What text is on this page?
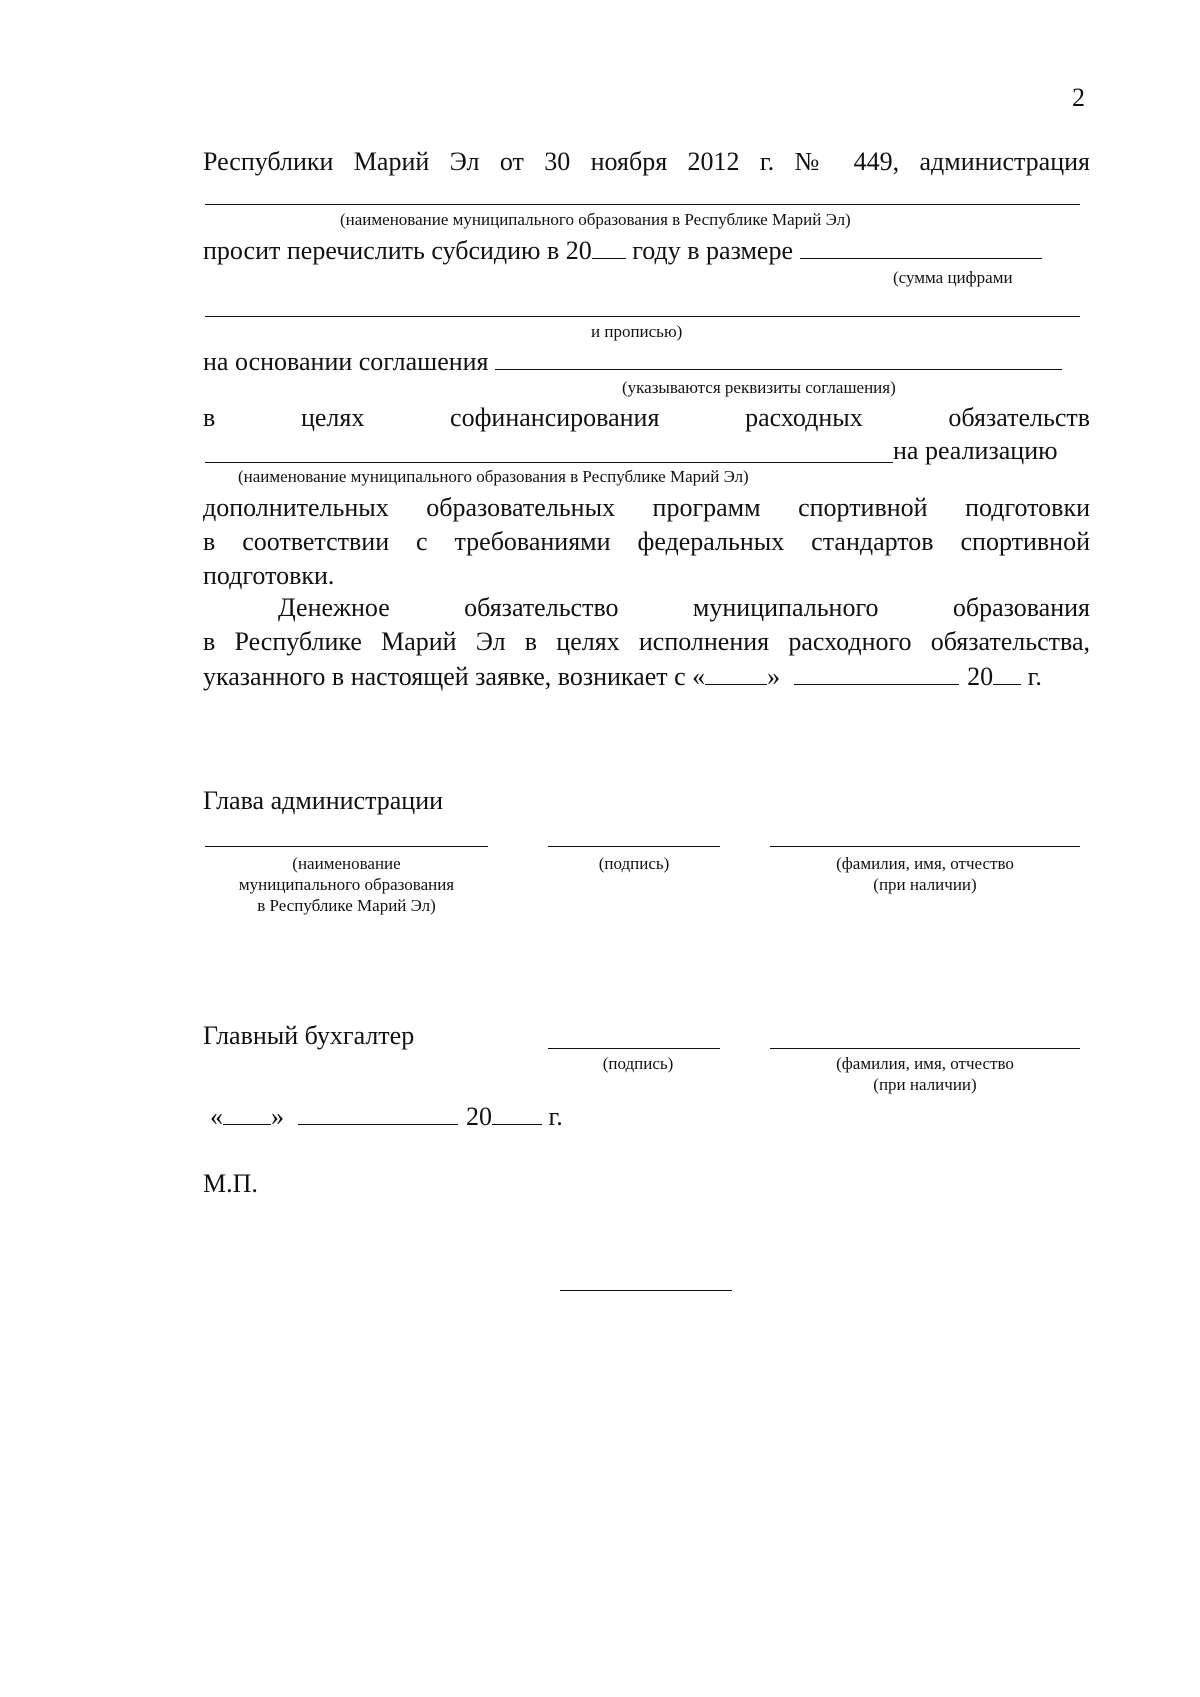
2
Республики Марий Эл от 30 ноября 2012 г. № 449, администрация
(наименование муниципального образования в Республике Марий Эл)
просит перечислить субсидию в 20 году в размере
(сумма цифрами
и прописью)
на основании соглашения
(указываются реквизиты соглашения)
в целях софинансирования расходных обязательств
на реализацию
(наименование муниципального образования в Республике Марий Эл)
дополнительных образовательных программ спортивной подготовки
в соответствии с требованиями федеральных стандартов спортивной
подготовки.
Денежное обязательство муниципального образования
в Республике Марий Эл в целях исполнения расходного обязательства,
указанного в настоящей заявке, возникает с « »	20 г.
Глава администрации
(наименование
муниципального образования
в Республике Марий Эл)
(подпись)	(фамилия, имя, отчество
(при наличии)
Главный бухгалтер
(подпись)	(фамилия, имя, отчество
(при наличии)
« »	20 г.
М.П.
